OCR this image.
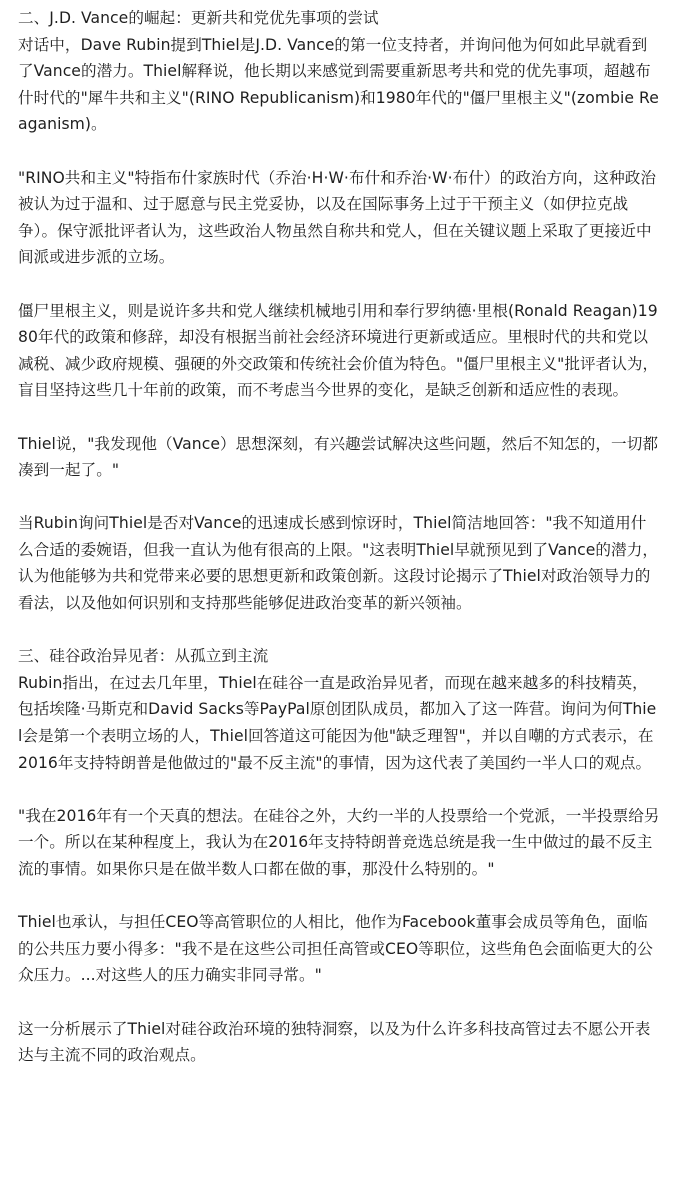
二、J.D. Vance的崛起：更新共和党优先事项的尝试

对话中，Dave Rubin提到Thiel是J.D. Vance的第一位支持者，并询问他为何如此早就看到了Vance的潜力。Thiel解释说，他长期以来感觉到需要重新思考共和党的优先事项，超越布什时代的"犀牛共和主义"(RINO Republicanism)和1980年代的"僵尸里根主义"(zombie Reaganism)。

"RINO共和主义"特指布什家族时代（乔治·H·W·布什和乔治·W·布什）的政治方向，这种政治被认为过于温和、过于愿意与民主党妥协，以及在国际事务上过于干预主义（如伊拉克战争）。保守派批评者认为，这些政治人物虽然自称共和党人，但在关键议题上采取了更接近中间派或进步派的立场。

僵尸里根主义，则是说许多共和党人继续机械地引用和奉行罗纳德·里根(Ronald Reagan)1980年代的政策和修辞，却没有根据当前社会经济环境进行更新或适应。里根时代的共和党以减税、减少政府规模、强硬的外交政策和传统社会价值为特色。"僵尸里根主义"批评者认为，盲目坚持这些几十年前的政策，而不考虑当今世界的变化，是缺乏创新和适应性的表现。

Thiel说，"我发现他（Vance）思想深刻，有兴趣尝试解决这些问题，然后不知怎的，一切都凑到一起了。"

当Rubin询问Thiel是否对Vance的迅速成长感到惊讶时，Thiel简洁地回答："我不知道用什么合适的委婉语，但我一直认为他有很高的上限。"这表明Thiel早就预见到了Vance的潜力，认为他能够为共和党带来必要的思想更新和政策创新。这段讨论揭示了Thiel对政治领导力的看法，以及他如何识别和支持那些能够促进政治变革的新兴领袖。

三、硅谷政治异见者：从孤立到主流

Rubin指出，在过去几年里，Thiel在硅谷一直是政治异见者，而现在越来越多的科技精英，包括埃隆·马斯克和David Sacks等PayPal原创团队成员，都加入了这一阵营。询问为何Thiel会是第一个表明立场的人，Thiel回答道这可能因为他"缺乏理智"，并以自嘲的方式表示，在2016年支持特朗普是他做过的"最不反主流"的事情，因为这代表了美国约一半人口的观点。

"我在2016年有一个天真的想法。在硅谷之外，大约一半的人投票给一个党派，一半投票给另一个。所以在某种程度上，我认为在2016年支持特朗普竞选总统是我一生中做过的最不反主流的事情。如果你只是在做半数人口都在做的事，那没什么特别的。"

Thiel也承认，与担任CEO等高管职位的人相比，他作为Facebook董事会成员等角色，面临的公共压力要小得多："我不是在这些公司担任高管或CEO等职位，这些角色会面临更大的公众压力。...对这些人的压力确实非同寻常。"

这一分析展示了Thiel对硅谷政治环境的独特洞察，以及为什么许多科技高管过去不愿公开表达与主流不同的政治观点。
